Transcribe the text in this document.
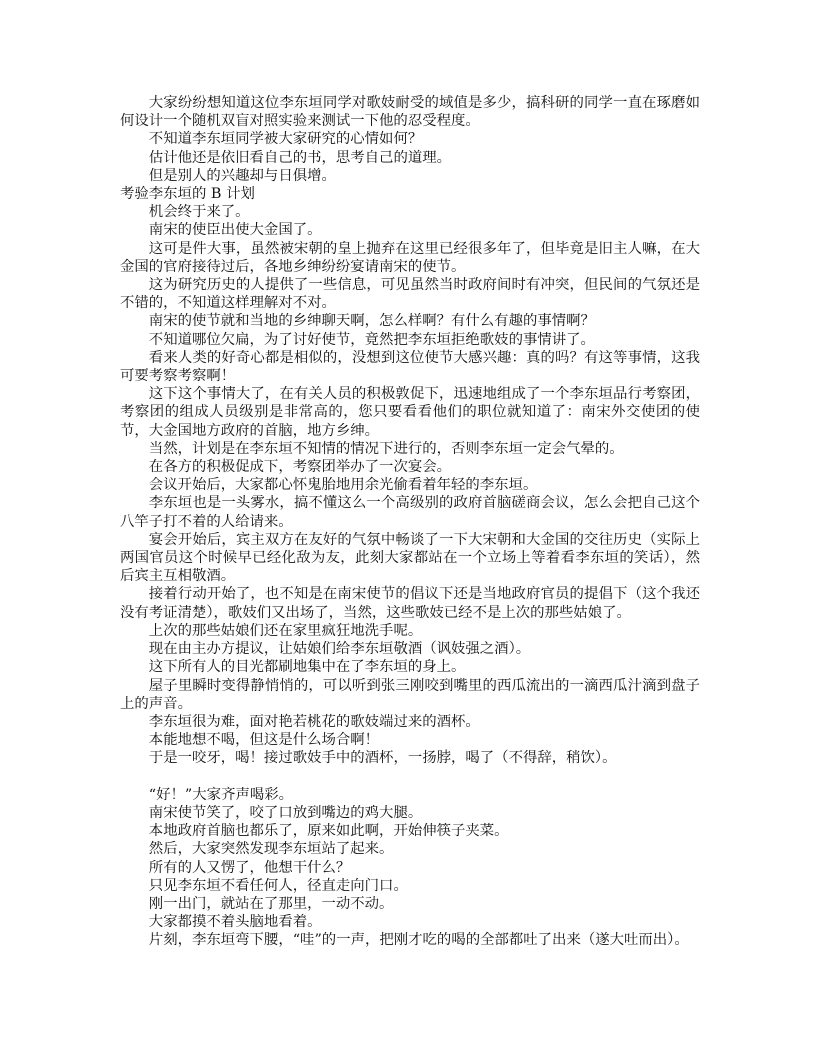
大家纷纷想知道这位李东垣同学对歌妓耐受的域值是多少，搞科研的同学一直在琢磨如何设计一个随机双盲对照实验来测试一下他的忍受程度。

不知道李东垣同学被大家研究的心情如何？

估计他还是依旧看自己的书，思考自己的道理。

但是别人的兴趣却与日俱增。

考验李东垣的 B 计划

机会终于来了。

南宋的使臣出使大金国了。

这可是件大事，虽然被宋朝的皇上抛弃在这里已经很多年了，但毕竟是旧主人嘛，在大金国的官府接待过后，各地乡绅纷纷宴请南宋的使节。

这为研究历史的人提供了一些信息，可见虽然当时政府间时有冲突，但民间的气氛还是不错的，不知道这样理解对不对。

南宋的使节就和当地的乡绅聊天啊，怎么样啊？有什么有趣的事情啊？

不知道哪位欠扁，为了讨好使节，竟然把李东垣拒绝歌妓的事情讲了。

看来人类的好奇心都是相似的，没想到这位使节大感兴趣：真的吗？有这等事情，这我可要考察考察啊！

这下这个事情大了，在有关人员的积极敦促下，迅速地组成了一个李东垣品行考察团，考察团的组成人员级别是非常高的，您只要看看他们的职位就知道了：南宋外交使团的使节，大金国地方政府的首脑，地方乡绅。

当然，计划是在李东垣不知情的情况下进行的，否则李东垣一定会气晕的。

在各方的积极促成下，考察团举办了一次宴会。

会议开始后，大家都心怀鬼胎地用余光偷看着年轻的李东垣。

李东垣也是一头雾水，搞不懂这么一个高级别的政府首脑磋商会议，怎么会把自己这个八竿子打不着的人给请来。

宴会开始后，宾主双方在友好的气氛中畅谈了一下大宋朝和大金国的交往历史（实际上两国官员这个时候早已经化敌为友，此刻大家都站在一个立场上等着看李东垣的笑话），然后宾主互相敬酒。

接着行动开始了，也不知是在南宋使节的倡议下还是当地政府官员的提倡下（这个我还没有考证清楚），歌妓们又出场了，当然，这些歌妓已经不是上次的那些姑娘了。

上次的那些姑娘们还在家里疯狂地洗手呢。

现在由主办方提议，让姑娘们给李东垣敬酒（讽妓强之酒）。

这下所有人的目光都刷地集中在了李东垣的身上。

屋子里瞬时变得静悄悄的，可以听到张三刚咬到嘴里的西瓜流出的一滴西瓜汁滴到盘子上的声音。

李东垣很为难，面对艳若桃花的歌妓端过来的酒杯。

本能地想不喝，但这是什么场合啊！

于是一咬牙，喝！接过歌妓手中的酒杯，一扬脖，喝了（不得辞，稍饮）。

“好！”大家齐声喝彩。

南宋使节笑了，咬了口放到嘴边的鸡大腿。

本地政府首脑也都乐了，原来如此啊，开始伸筷子夹菜。

然后，大家突然发现李东垣站了起来。

所有的人又愣了，他想干什么？

只见李东垣不看任何人，径直走向门口。

刚一出门，就站在了那里，一动不动。

大家都摸不着头脑地看着。

片刻，李东垣弯下腰，“哇”的一声，把刚才吃的喝的全部都吐了出来（遂大吐而出）。
